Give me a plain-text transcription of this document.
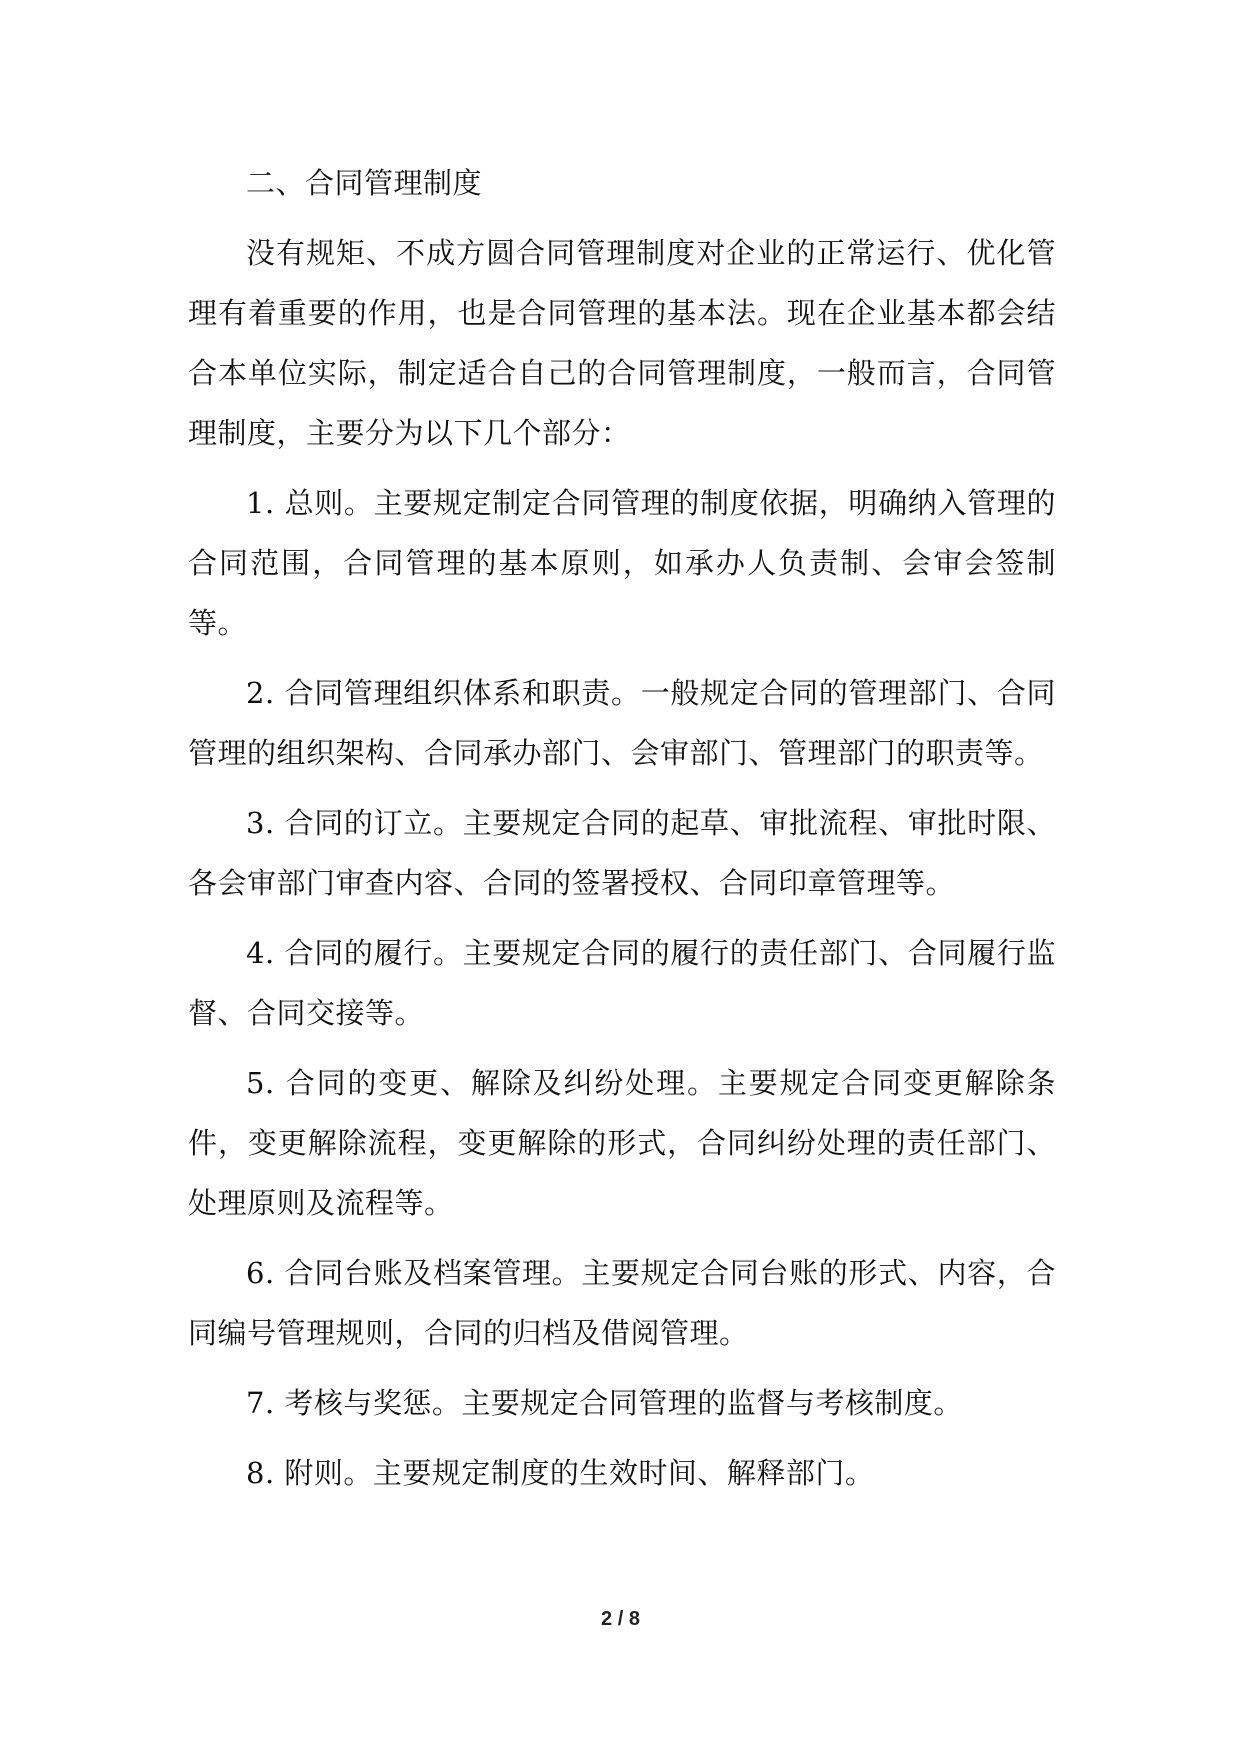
二、合同管理制度

没有规矩、不成方圆合同管理制度对企业的正常运行、优化管理有着重要的作用，也是合同管理的基本法。现在企业基本都会结合本单位实际，制定适合自己的合同管理制度，一般而言，合同管理制度，主要分为以下几个部分：

1. 总则。主要规定制定合同管理的制度依据，明确纳入管理的合同范围，合同管理的基本原则，如承办人负责制、会审会签制等。

2. 合同管理组织体系和职责。一般规定合同的管理部门、合同管理的组织架构、合同承办部门、会审部门、管理部门的职责等。

3. 合同的订立。主要规定合同的起草、审批流程、审批时限、各会审部门审查内容、合同的签署授权、合同印章管理等。

4. 合同的履行。主要规定合同的履行的责任部门、合同履行监督、合同交接等。

5. 合同的变更、解除及纠纷处理。主要规定合同变更解除条件，变更解除流程，变更解除的形式，合同纠纷处理的责任部门、处理原则及流程等。

6. 合同台账及档案管理。主要规定合同台账的形式、内容，合同编号管理规则，合同的归档及借阅管理。

7. 考核与奖惩。主要规定合同管理的监督与考核制度。

8. 附则。主要规定制度的生效时间、解释部门。

2 / 8
